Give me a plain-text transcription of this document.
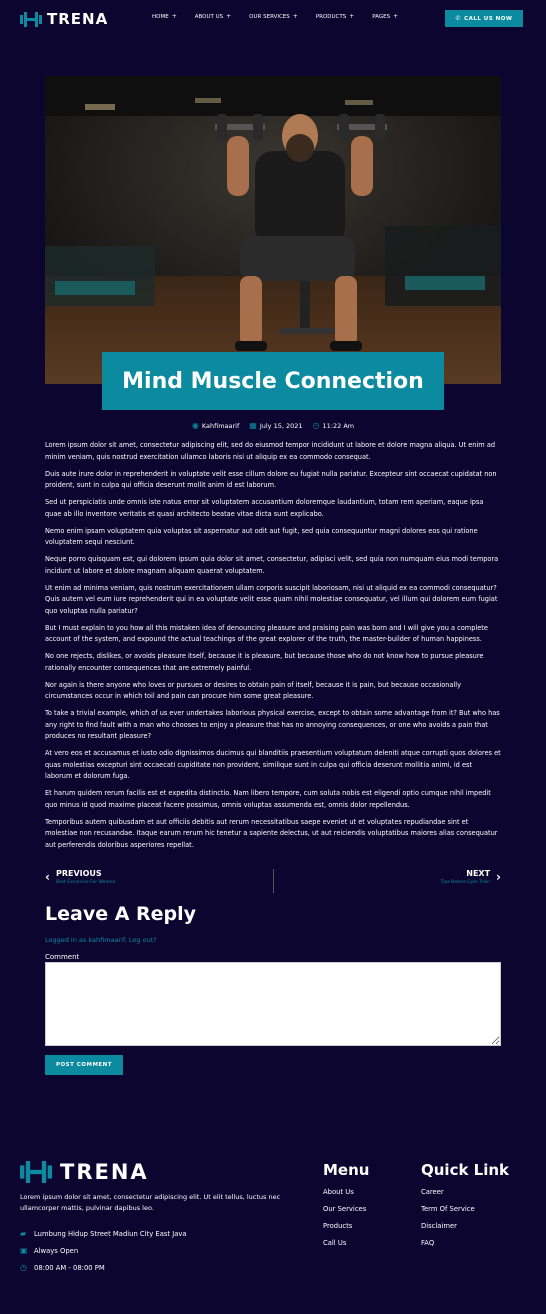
TRENA	HOME +	ABOUT US +	OUR SERVICES +	PRODUCTS +	PAGES +	✆ CALL US NOW
Mind Muscle Connection
◉ Kahfimaarif ▦ July 15, 2021 ◷ 11:22 Am

Lorem ipsum dolor sit amet, consectetur adipiscing elit, sed do eiusmod tempor incididunt ut labore et dolore magna aliqua. Ut enim ad minim veniam, quis nostrud exercitation ullamco laboris nisi ut aliquip ex ea commodo consequat.

Duis aute irure dolor in reprehenderit in voluptate velit esse cillum dolore eu fugiat nulla pariatur. Excepteur sint occaecat cupidatat non proident, sunt in culpa qui officia deserunt mollit anim id est laborum.

Sed ut perspiciatis unde omnis iste natus error sit voluptatem accusantium doloremque laudantium, totam rem aperiam, eaque ipsa quae ab illo inventore veritatis et quasi architecto beatae vitae dicta sunt explicabo.

Nemo enim ipsam voluptatem quia voluptas sit aspernatur aut odit aut fugit, sed quia consequuntur magni dolores eos qui ratione voluptatem sequi nesciunt.

Neque porro quisquam est, qui dolorem ipsum quia dolor sit amet, consectetur, adipisci velit, sed quia non numquam eius modi tempora incidunt ut labore et dolore magnam aliquam quaerat voluptatem.

Ut enim ad minima veniam, quis nostrum exercitationem ullam corporis suscipit laboriosam, nisi ut aliquid ex ea commodi consequatur? Quis autem vel eum iure reprehenderit qui in ea voluptate velit esse quam nihil molestiae consequatur, vel illum qui dolorem eum fugiat quo voluptas nulla pariatur?

But I must explain to you how all this mistaken idea of denouncing pleasure and praising pain was born and I will give you a complete account of the system, and expound the actual teachings of the great explorer of the truth, the master-builder of human happiness.

No one rejects, dislikes, or avoids pleasure itself, because it is pleasure, but because those who do not know how to pursue pleasure rationally encounter consequences that are extremely painful.

Nor again is there anyone who loves or pursues or desires to obtain pain of itself, because it is pain, but because occasionally circumstances occur in which toil and pain can procure him some great pleasure.

To take a trivial example, which of us ever undertakes laborious physical exercise, except to obtain some advantage from it? But who has any right to find fault with a man who chooses to enjoy a pleasure that has no annoying consequences, or one who avoids a pain that produces no resultant pleasure?

At vero eos et accusamus et iusto odio dignissimos ducimus qui blanditiis praesentium voluptatum deleniti atque corrupti quos dolores et quas molestias excepturi sint occaecati cupiditate non provident, similique sunt in culpa qui officia deserunt mollitia animi, id est laborum et dolorum fuga.

Et harum quidem rerum facilis est et expedita distinctio. Nam libero tempore, cum soluta nobis est eligendi optio cumque nihil impedit quo minus id quod maxime placeat facere possimus, omnis voluptas assumenda est, omnis dolor repellendus.

Temporibus autem quibusdam et aut officiis debitis aut rerum necessitatibus saepe eveniet ut et voluptates repudiandae sint et molestiae non recusandae. Itaque earum rerum hic tenetur a sapiente delectus, ut aut reiciendis voluptatibus maiores alias consequatur aut perferendis doloribus asperiores repellat.

‹ PREVIOUS
Best Excercise For Women
NEXT
Tips Before Gym Train ›
Leave A Reply
Logged in as kahfimaarif. Log out?
Comment
POST COMMENT
TRENA
Lorem ipsum dolor sit amet, consectetur adipiscing elit. Ut elit tellus, luctus nec ullamcorper mattis, pulvinar dapibus leo.
▰	Lumbung Hidup Street Madiun City East Java
▣ Always Open
◷	08:00 AM - 08:00 PM
Menu
About Us
Our Services
Products
Call Us
Quick Link
Career
Term Of Service
Disclaimer
FAQ
